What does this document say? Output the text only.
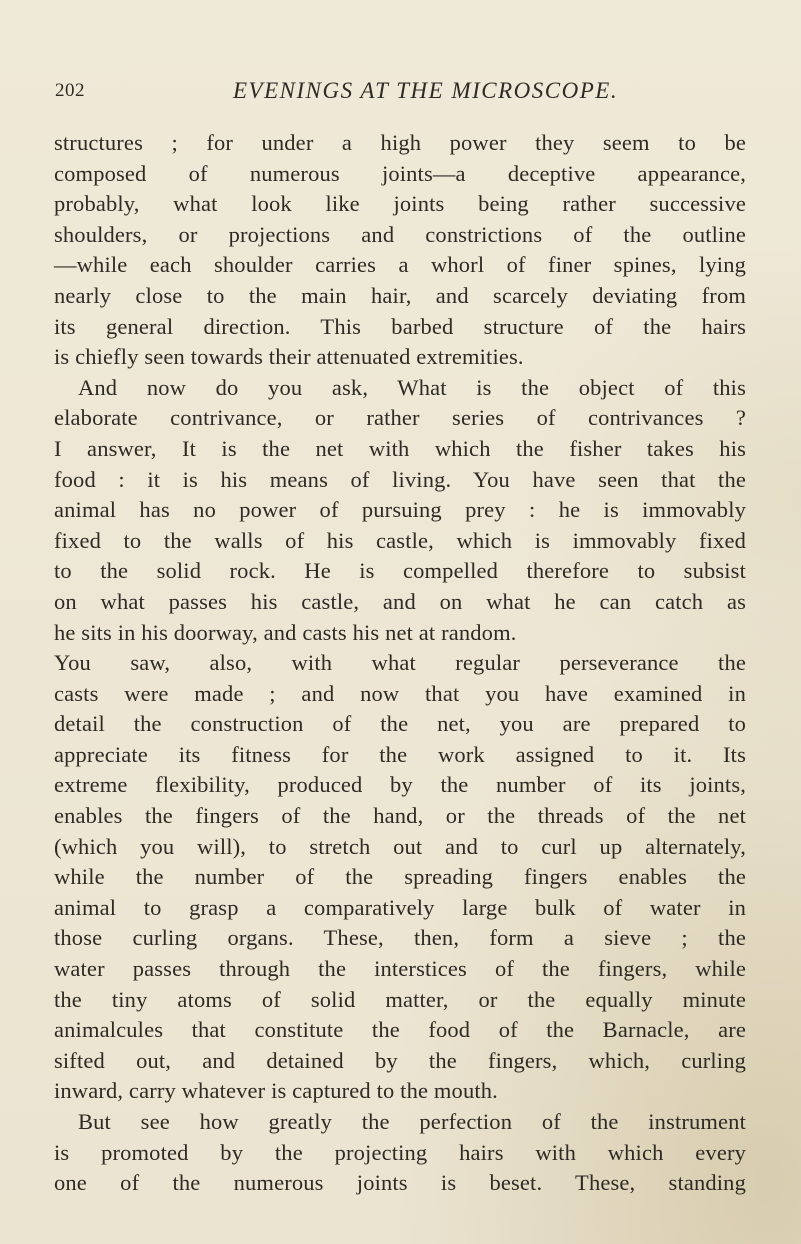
202	EVENINGS AT THE MICROSCOPE.
structures ; for under a high power they seem to be
composed of numerous joints—a deceptive appearance,
probably, what look like joints being rather successive
shoulders, or projections and constrictions of the outline
—while each shoulder carries a whorl of finer spines, lying
nearly close to the main hair, and scarcely deviating from
its general direction. This barbed structure of the hairs
is chiefly seen towards their attenuated extremities.
And now do you ask, What is the object of this
elaborate contrivance, or rather series of contrivances ?
I answer, It is the net with which the fisher takes his
food : it is his means of living. You have seen that the
animal has no power of pursuing prey : he is immovably
fixed to the walls of his castle, which is immovably fixed
to the solid rock. He is compelled therefore to subsist
on what passes his castle, and on what he can catch as
he sits in his doorway, and casts his net at random.
You saw, also, with what regular perseverance the
casts were made ; and now that you have examined in
detail the construction of the net, you are prepared to
appreciate its fitness for the work assigned to it. Its
extreme flexibility, produced by the number of its joints,
enables the fingers of the hand, or the threads of the net
(which you will), to stretch out and to curl up alternately,
while the number of the spreading fingers enables the
animal to grasp a comparatively large bulk of water in
those curling organs. These, then, form a sieve ; the
water passes through the interstices of the fingers, while
the tiny atoms of solid matter, or the equally minute
animalcules that constitute the food of the Barnacle, are
sifted out, and detained by the fingers, which, curling
inward, carry whatever is captured to the mouth.
But see how greatly the perfection of the instrument
is promoted by the projecting hairs with which every
one of the numerous joints is beset. These, standing
